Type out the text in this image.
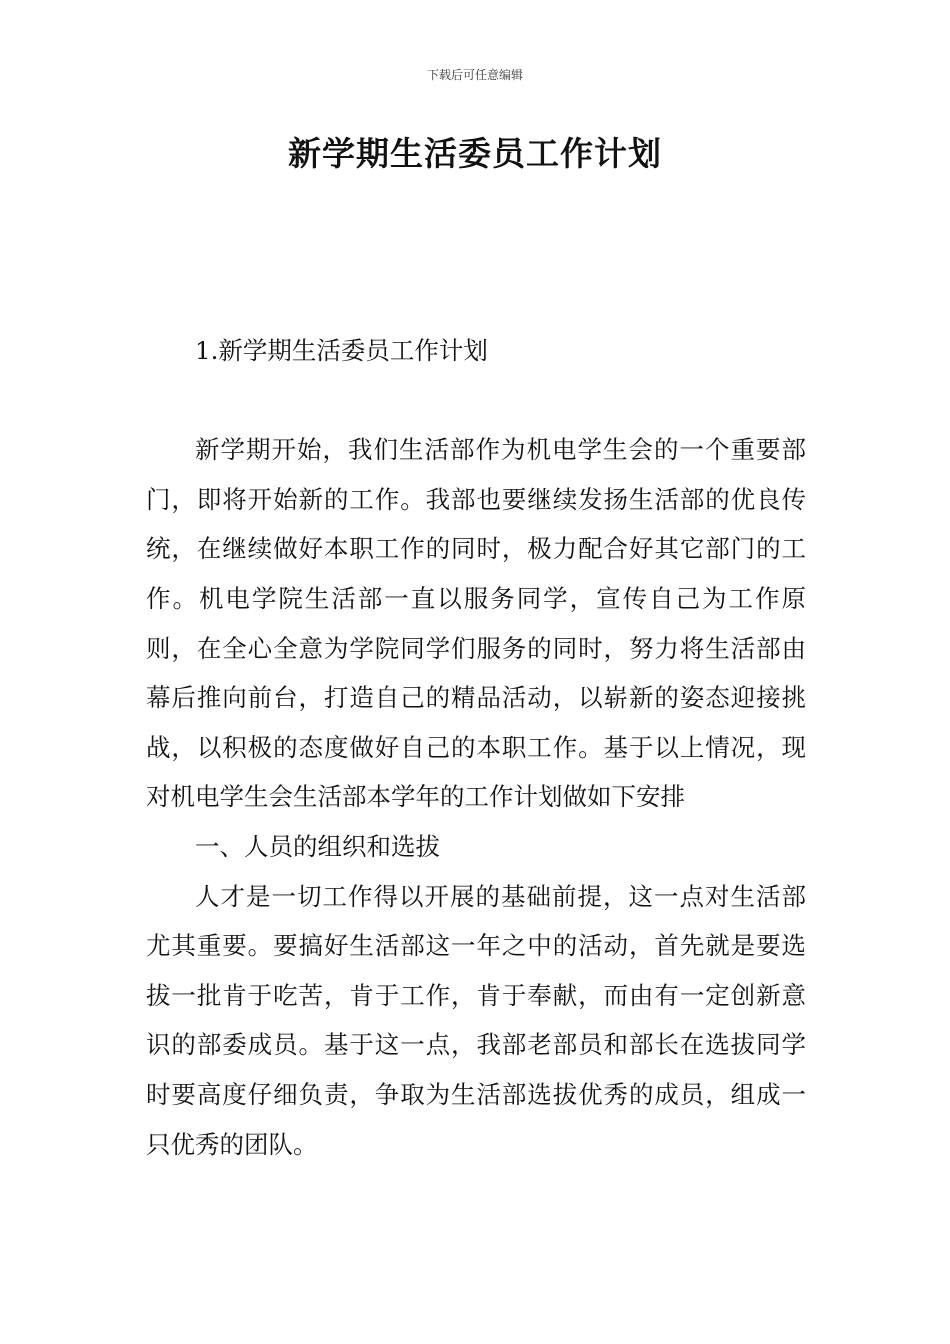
下载后可任意编辑
新学期生活委员工作计划

1.新学期生活委员工作计划

新学期开始，我们生活部作为机电学生会的一个重要部门，即将开始新的工作。我部也要继续发扬生活部的优良传统，在继续做好本职工作的同时，极力配合好其它部门的工作。机电学院生活部一直以服务同学，宣传自己为工作原则，在全心全意为学院同学们服务的同时，努力将生活部由幕后推向前台，打造自己的精品活动，以崭新的姿态迎接挑战，以积极的态度做好自己的本职工作。基于以上情况，现对机电学生会生活部本学年的工作计划做如下安排

一、人员的组织和选拔

人才是一切工作得以开展的基础前提，这一点对生活部尤其重要。要搞好生活部这一年之中的活动，首先就是要选拔一批肯于吃苦，肯于工作，肯于奉献，而由有一定创新意识的部委成员。基于这一点，我部老部员和部长在选拔同学时要高度仔细负责，争取为生活部选拔优秀的成员，组成一只优秀的团队。
